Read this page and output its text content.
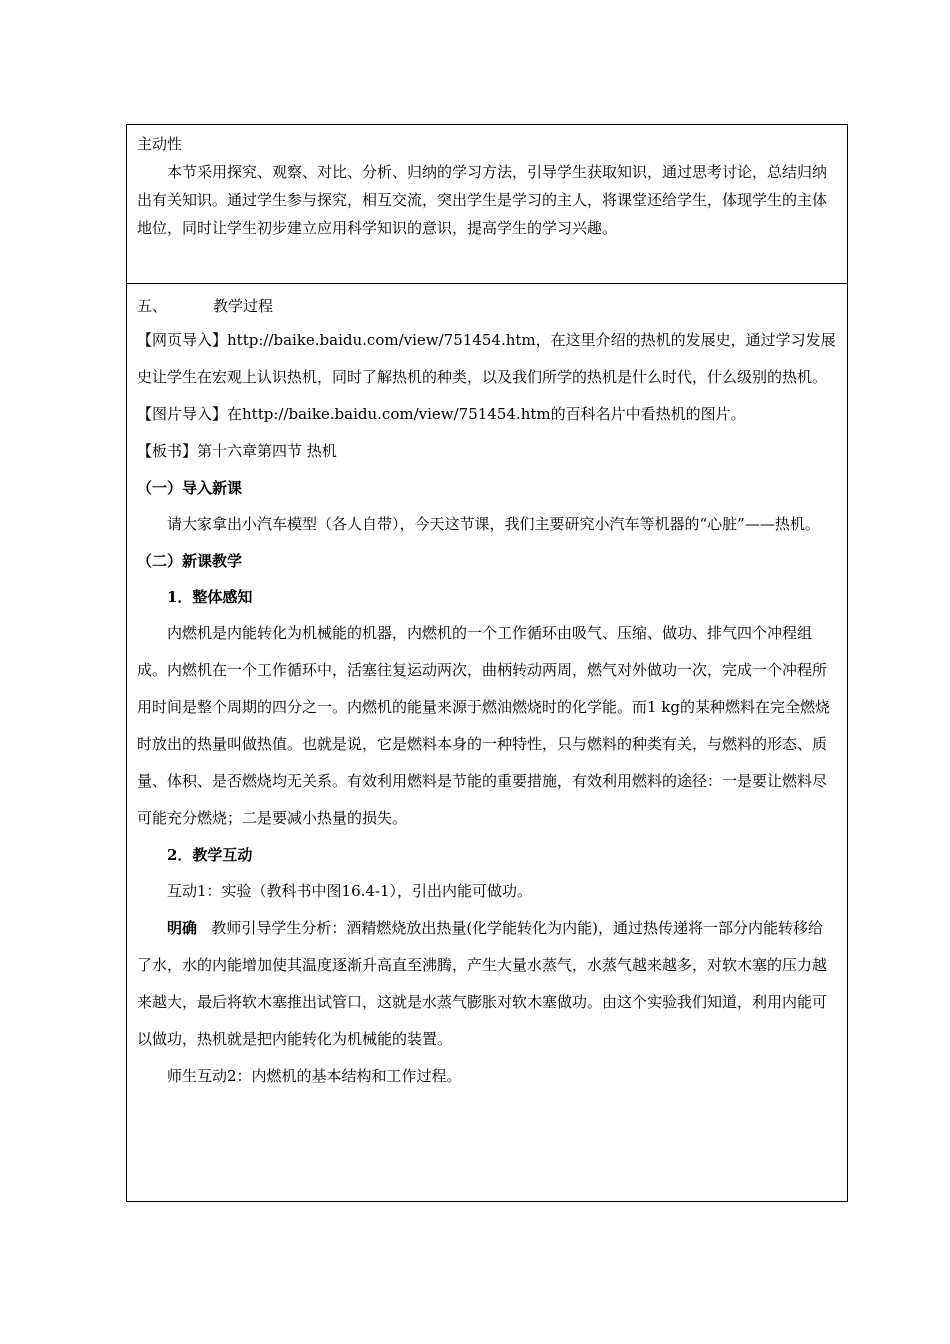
主动性

本节采用探究、观察、对比、分析、归纳的学习方法，引导学生获取知识，通过思考讨论，总结归纳出有关知识。通过学生参与探究，相互交流，突出学生是学习的主人，将课堂还给学生，体现学生的主体地位，同时让学生初步建立应用科学知识的意识，提高学生的学习兴趣。

五、	教学过程

【网页导入】http://baike.baidu.com/view/751454.htm，在这里介绍的热机的发展史，通过学习发展史让学生在宏观上认识热机，同时了解热机的种类，以及我们所学的热机是什么时代，什么级别的热机。

【图片导入】在http://baike.baidu.com/view/751454.htm的百科名片中看热机的图片。

【板书】第十六章第四节 热机

（一）导入新课

请大家拿出小汽车模型（各人自带），今天这节课，我们主要研究小汽车等机器的“心脏”——热机。

（二）新课教学

1．整体感知

内燃机是内能转化为机械能的机器，内燃机的一个工作循环由吸气、压缩、做功、排气四个冲程组成。内燃机在一个工作循环中，活塞往复运动两次，曲柄转动两周，燃气对外做功一次，完成一个冲程所用时间是整个周期的四分之一。内燃机的能量来源于燃油燃烧时的化学能。而1 kg的某种燃料在完全燃烧时放出的热量叫做热值。也就是说，它是燃料本身的一种特性，只与燃料的种类有关，与燃料的形态、质量、体积、是否燃烧均无关系。有效利用燃料是节能的重要措施，有效利用燃料的途径：一是要让燃料尽可能充分燃烧；二是要减小热量的损失。

2．教学互动

互动1：实验（教科书中图16.4-1），引出内能可做功。

明确 教师引导学生分析：酒精燃烧放出热量(化学能转化为内能)，通过热传递将一部分内能转移给了水，水的内能增加使其温度逐渐升高直至沸腾，产生大量水蒸气，水蒸气越来越多，对软木塞的压力越来越大，最后将软木塞推出试管口，这就是水蒸气膨胀对软木塞做功。由这个实验我们知道，利用内能可以做功，热机就是把内能转化为机械能的装置。

师生互动2：内燃机的基本结构和工作过程。
